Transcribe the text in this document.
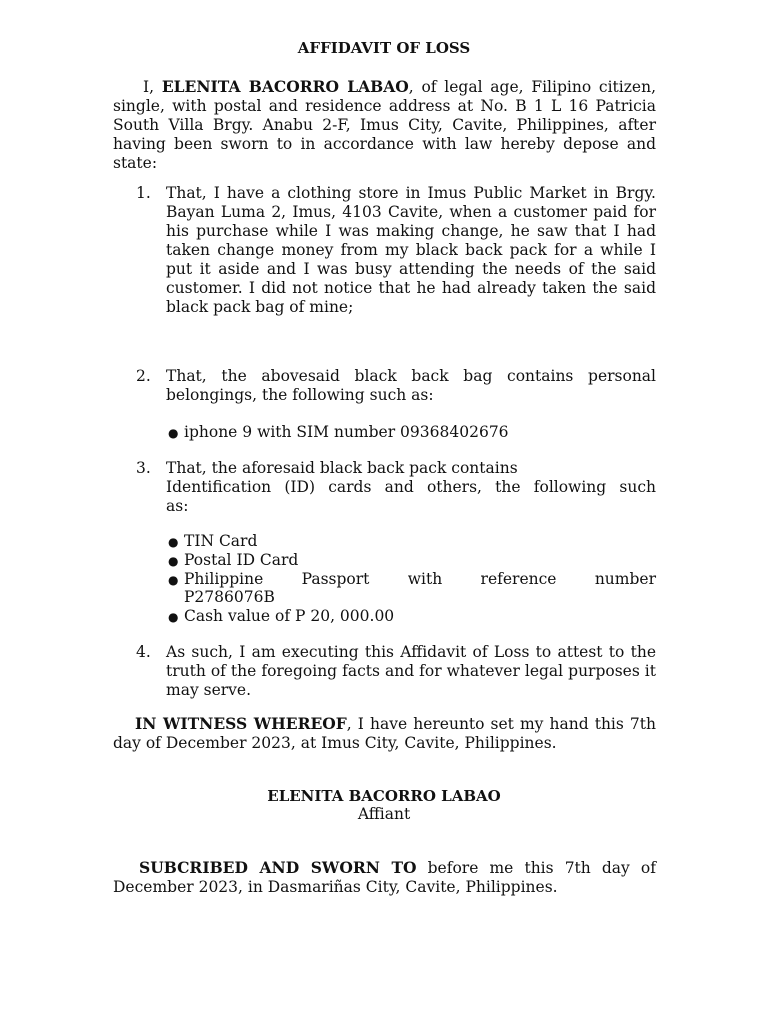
AFFIDAVIT OF LOSS
I, ELENITA BACORRO LABAO, of legal age, Filipino citizen, single, with postal and residence address at No. B 1 L 16 Patricia South Villa Brgy. Anabu 2-F, Imus City, Cavite, Philippines, after having been sworn to in accordance with law hereby depose and state:
1. That, I have a clothing store in Imus Public Market in Brgy. Bayan Luma 2, Imus, 4103 Cavite, when a customer paid for his purchase while I was making change, he saw that I had taken change money from my black back pack for a while I put it aside and I was busy attending the needs of the said customer. I did not notice that he had already taken the said black pack bag of mine;
2. That, the abovesaid black back bag contains personal
belongings, the following such as:
● iphone 9 with SIM number 09368402676
3. That, the aforesaid black back pack contains
Identification (ID) cards and others, the following such
as:
● TIN Card
● Postal ID Card
● Philippine Passport with reference number
P2786076B
● Cash value of P 20, 000.00
4. As such, I am executing this Affidavit of Loss to attest to the truth of the foregoing facts and for whatever legal purposes it may serve.
IN WITNESS WHEREOF, I have hereunto set my hand this 7th day of December 2023, at Imus City, Cavite, Philippines.
ELENITA BACORRO LABAO
Affiant
SUBCRIBED AND SWORN TO before me this 7th day of December 2023, in Dasmariñas City, Cavite, Philippines.
